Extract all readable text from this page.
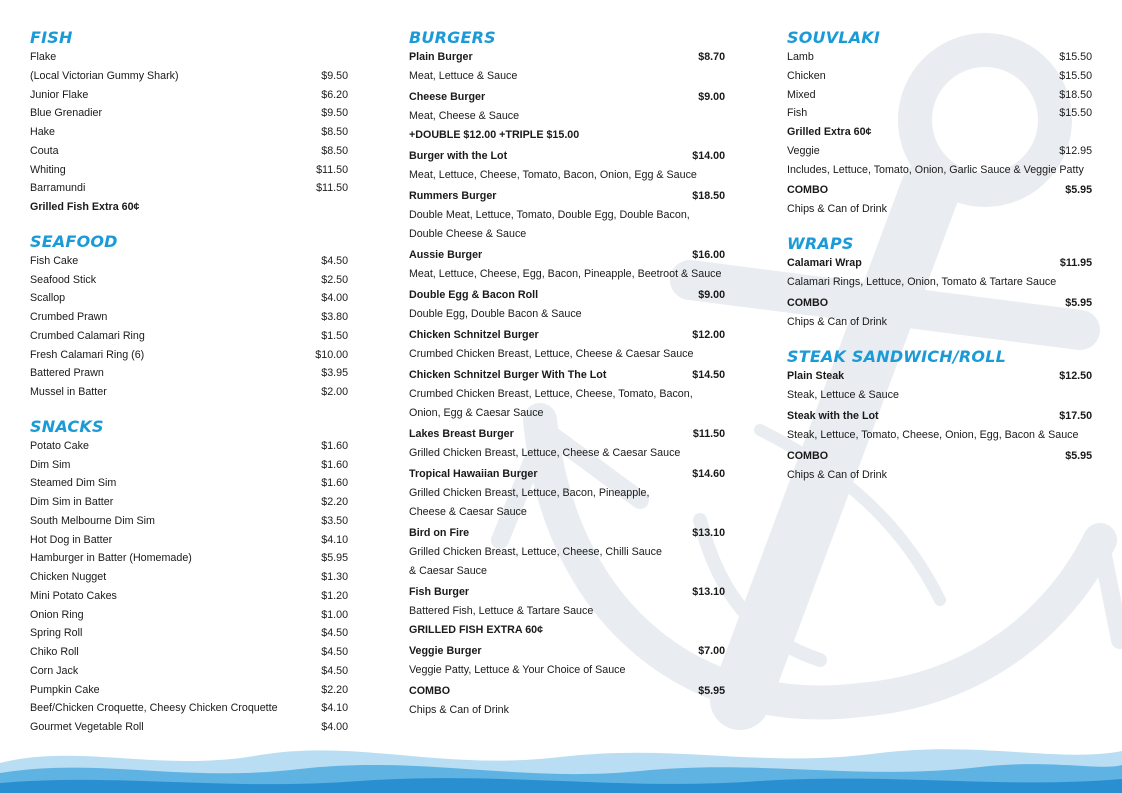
FISH
Flake
(Local Victorian Gummy Shark)	$9.50
Junior Flake	$6.20
Blue Grenadier	$9.50
Hake	$8.50
Couta	$8.50
Whiting	$11.50
Barramundi	$11.50
Grilled Fish Extra 60¢
SEAFOOD
Fish Cake	$4.50
Seafood Stick	$2.50
Scallop	$4.00
Crumbed Prawn	$3.80
Crumbed Calamari Ring	$1.50
Fresh Calamari Ring (6)	$10.00
Battered Prawn	$3.95
Mussel in Batter	$2.00
SNACKS
Potato Cake	$1.60
Dim Sim	$1.60
Steamed Dim Sim	$1.60
Dim Sim in Batter	$2.20
South Melbourne Dim Sim	$3.50
Hot Dog in Batter	$4.10
Hamburger in Batter (Homemade)	$5.95
Chicken Nugget	$1.30
Mini Potato Cakes	$1.20
Onion Ring	$1.00
Spring Roll	$4.50
Chiko Roll	$4.50
Corn Jack	$4.50
Pumpkin Cake	$2.20
Beef/Chicken Croquette, Cheesy Chicken Croquette	$4.10
Gourmet Vegetable Roll	$4.00
BURGERS
Plain Burger	$8.70
Meat, Lettuce & Sauce
Cheese Burger	$9.00
Meat, Cheese & Sauce
+DOUBLE $12.00 +TRIPLE $15.00
Burger with the Lot	$14.00
Meat, Lettuce, Cheese, Tomato, Bacon, Onion, Egg & Sauce
Rummers Burger	$18.50
Double Meat, Lettuce, Tomato, Double Egg, Double Bacon,
Double Cheese & Sauce
Aussie Burger	$16.00
Meat, Lettuce, Cheese, Egg, Bacon, Pineapple, Beetroot & Sauce
Double Egg & Bacon Roll	$9.00
Double Egg, Double Bacon & Sauce
Chicken Schnitzel Burger	$12.00
Crumbed Chicken Breast, Lettuce, Cheese & Caesar Sauce
Chicken Schnitzel Burger With The Lot	$14.50
Crumbed Chicken Breast, Lettuce, Cheese, Tomato, Bacon,
Onion, Egg & Caesar Sauce
Lakes Breast Burger	$11.50
Grilled Chicken Breast, Lettuce, Cheese & Caesar Sauce
Tropical Hawaiian Burger	$14.60
Grilled Chicken Breast, Lettuce, Bacon, Pineapple,
Cheese & Caesar Sauce
Bird on Fire	$13.10
Grilled Chicken Breast, Lettuce, Cheese, Chilli Sauce
& Caesar Sauce
Fish Burger	$13.10
Battered Fish, Lettuce & Tartare Sauce
GRILLED FISH EXTRA 60¢
Veggie Burger	$7.00
Veggie Patty, Lettuce & Your Choice of Sauce
COMBO	$5.95
Chips & Can of Drink
SOUVLAKI
Lamb	$15.50
Chicken	$15.50
Mixed	$18.50
Fish	$15.50
Grilled Extra 60¢
Veggie	$12.95
Includes, Lettuce, Tomato, Onion, Garlic Sauce & Veggie Patty
COMBO	$5.95
Chips & Can of Drink
WRAPS
Calamari Wrap	$11.95
Calamari Rings, Lettuce, Onion, Tomato & Tartare Sauce
COMBO	$5.95
Chips & Can of Drink
STEAK SANDWICH/ROLL
Plain Steak	$12.50
Steak, Lettuce & Sauce
Steak with the Lot	$17.50
Steak, Lettuce, Tomato, Cheese, Onion, Egg, Bacon & Sauce
COMBO	$5.95
Chips & Can of Drink
